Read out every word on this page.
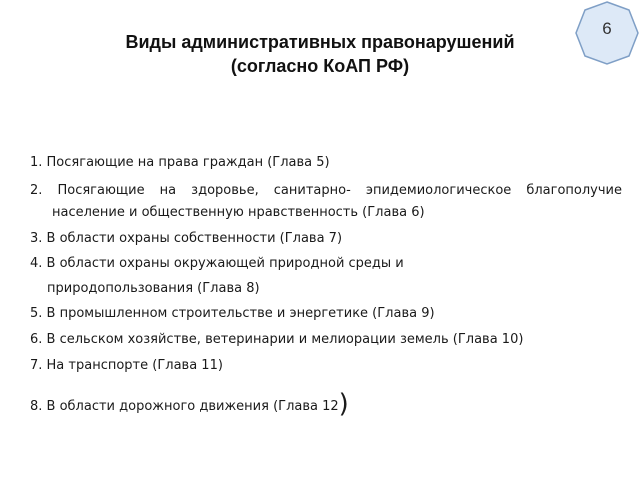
Виды административных правонарушений
(согласно КоАП РФ)
6
1. Посягающие на права граждан (Глава 5)
2. Посягающие на здоровье, санитарно- эпидемиологическое благополучие
население и общественную нравственность (Глава 6)
3. В области охраны собственности (Глава 7)
4. В области охраны окружающей природной среды и
природопользования (Глава 8)
5. В промышленном строительстве и энергетике (Глава 9)
6. В сельском хозяйстве, ветеринарии и мелиорации земель (Глава 10)
7. На транспорте (Глава 11)
8. В области дорожного движения (Глава 12)
